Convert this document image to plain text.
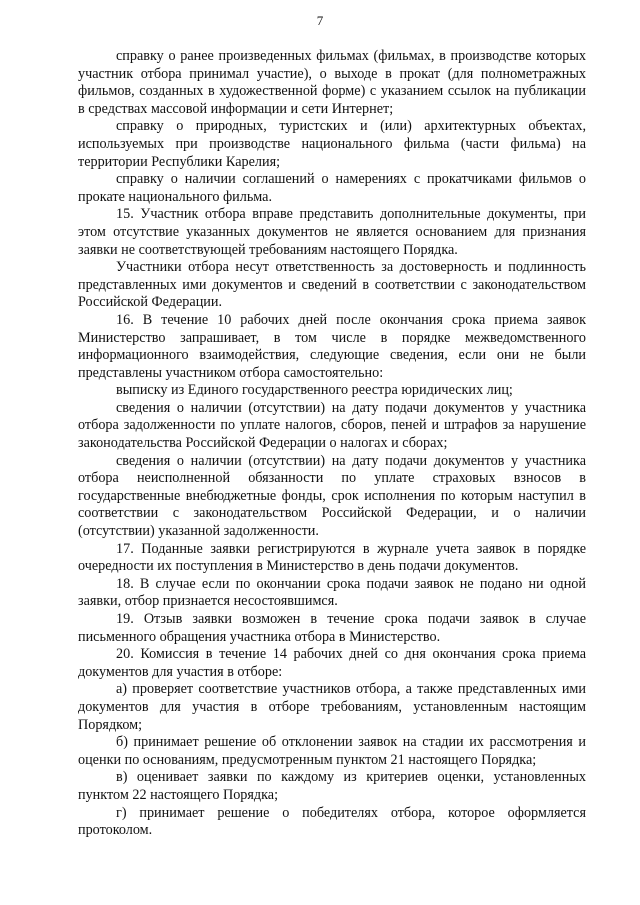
7

справку о ранее произведенных фильмах (фильмах, в производстве которых участник отбора принимал участие), о выходе в прокат (для полнометражных фильмов, созданных в художественной форме) с указанием ссылок на публикации в средствах массовой информации и сети Интернет;

справку о природных, туристских и (или) архитектурных объектах, используемых при производстве национального фильма (части фильма) на территории Республики Карелия;

справку о наличии соглашений о намерениях с прокатчиками фильмов о прокате национального фильма.

15. Участник отбора вправе представить дополнительные документы, при этом отсутствие указанных документов не является основанием для признания заявки не соответствующей требованиям настоящего Порядка.

Участники отбора несут ответственность за достоверность и подлинность представленных ими документов и сведений в соответствии с законодательством Российской Федерации.

16. В течение 10 рабочих дней после окончания срока приема заявок Министерство запрашивает, в том числе в порядке межведомственного информационного взаимодействия, следующие сведения, если они не были представлены участником отбора самостоятельно:

выписку из Единого государственного реестра юридических лиц;

сведения о наличии (отсутствии) на дату подачи документов у участника отбора задолженности по уплате налогов, сборов, пеней и штрафов за нарушение законодательства Российской Федерации о налогах и сборах;

сведения о наличии (отсутствии) на дату подачи документов у участника отбора неисполненной обязанности по уплате страховых взносов в государственные внебюджетные фонды, срок исполнения по которым наступил в соответствии с законодательством Российской Федерации, и о наличии (отсутствии) указанной задолженности.

17. Поданные заявки регистрируются в журнале учета заявок в порядке очередности их поступления в Министерство в день подачи документов.

18. В случае если по окончании срока подачи заявок не подано ни одной заявки, отбор признается несостоявшимся.

19. Отзыв заявки возможен в течение срока подачи заявок в случае письменного обращения участника отбора в Министерство.

20. Комиссия в течение 14 рабочих дней со дня окончания срока приема документов для участия в отборе:

а) проверяет соответствие участников отбора, а также представленных ими документов для участия в отборе требованиям, установленным настоящим Порядком;

б) принимает решение об отклонении заявок на стадии их рассмотрения и оценки по основаниям, предусмотренным пунктом 21 настоящего Порядка;

в) оценивает заявки по каждому из критериев оценки, установленных пунктом 22 настоящего Порядка;

г) принимает решение о победителях отбора, которое оформляется протоколом.
